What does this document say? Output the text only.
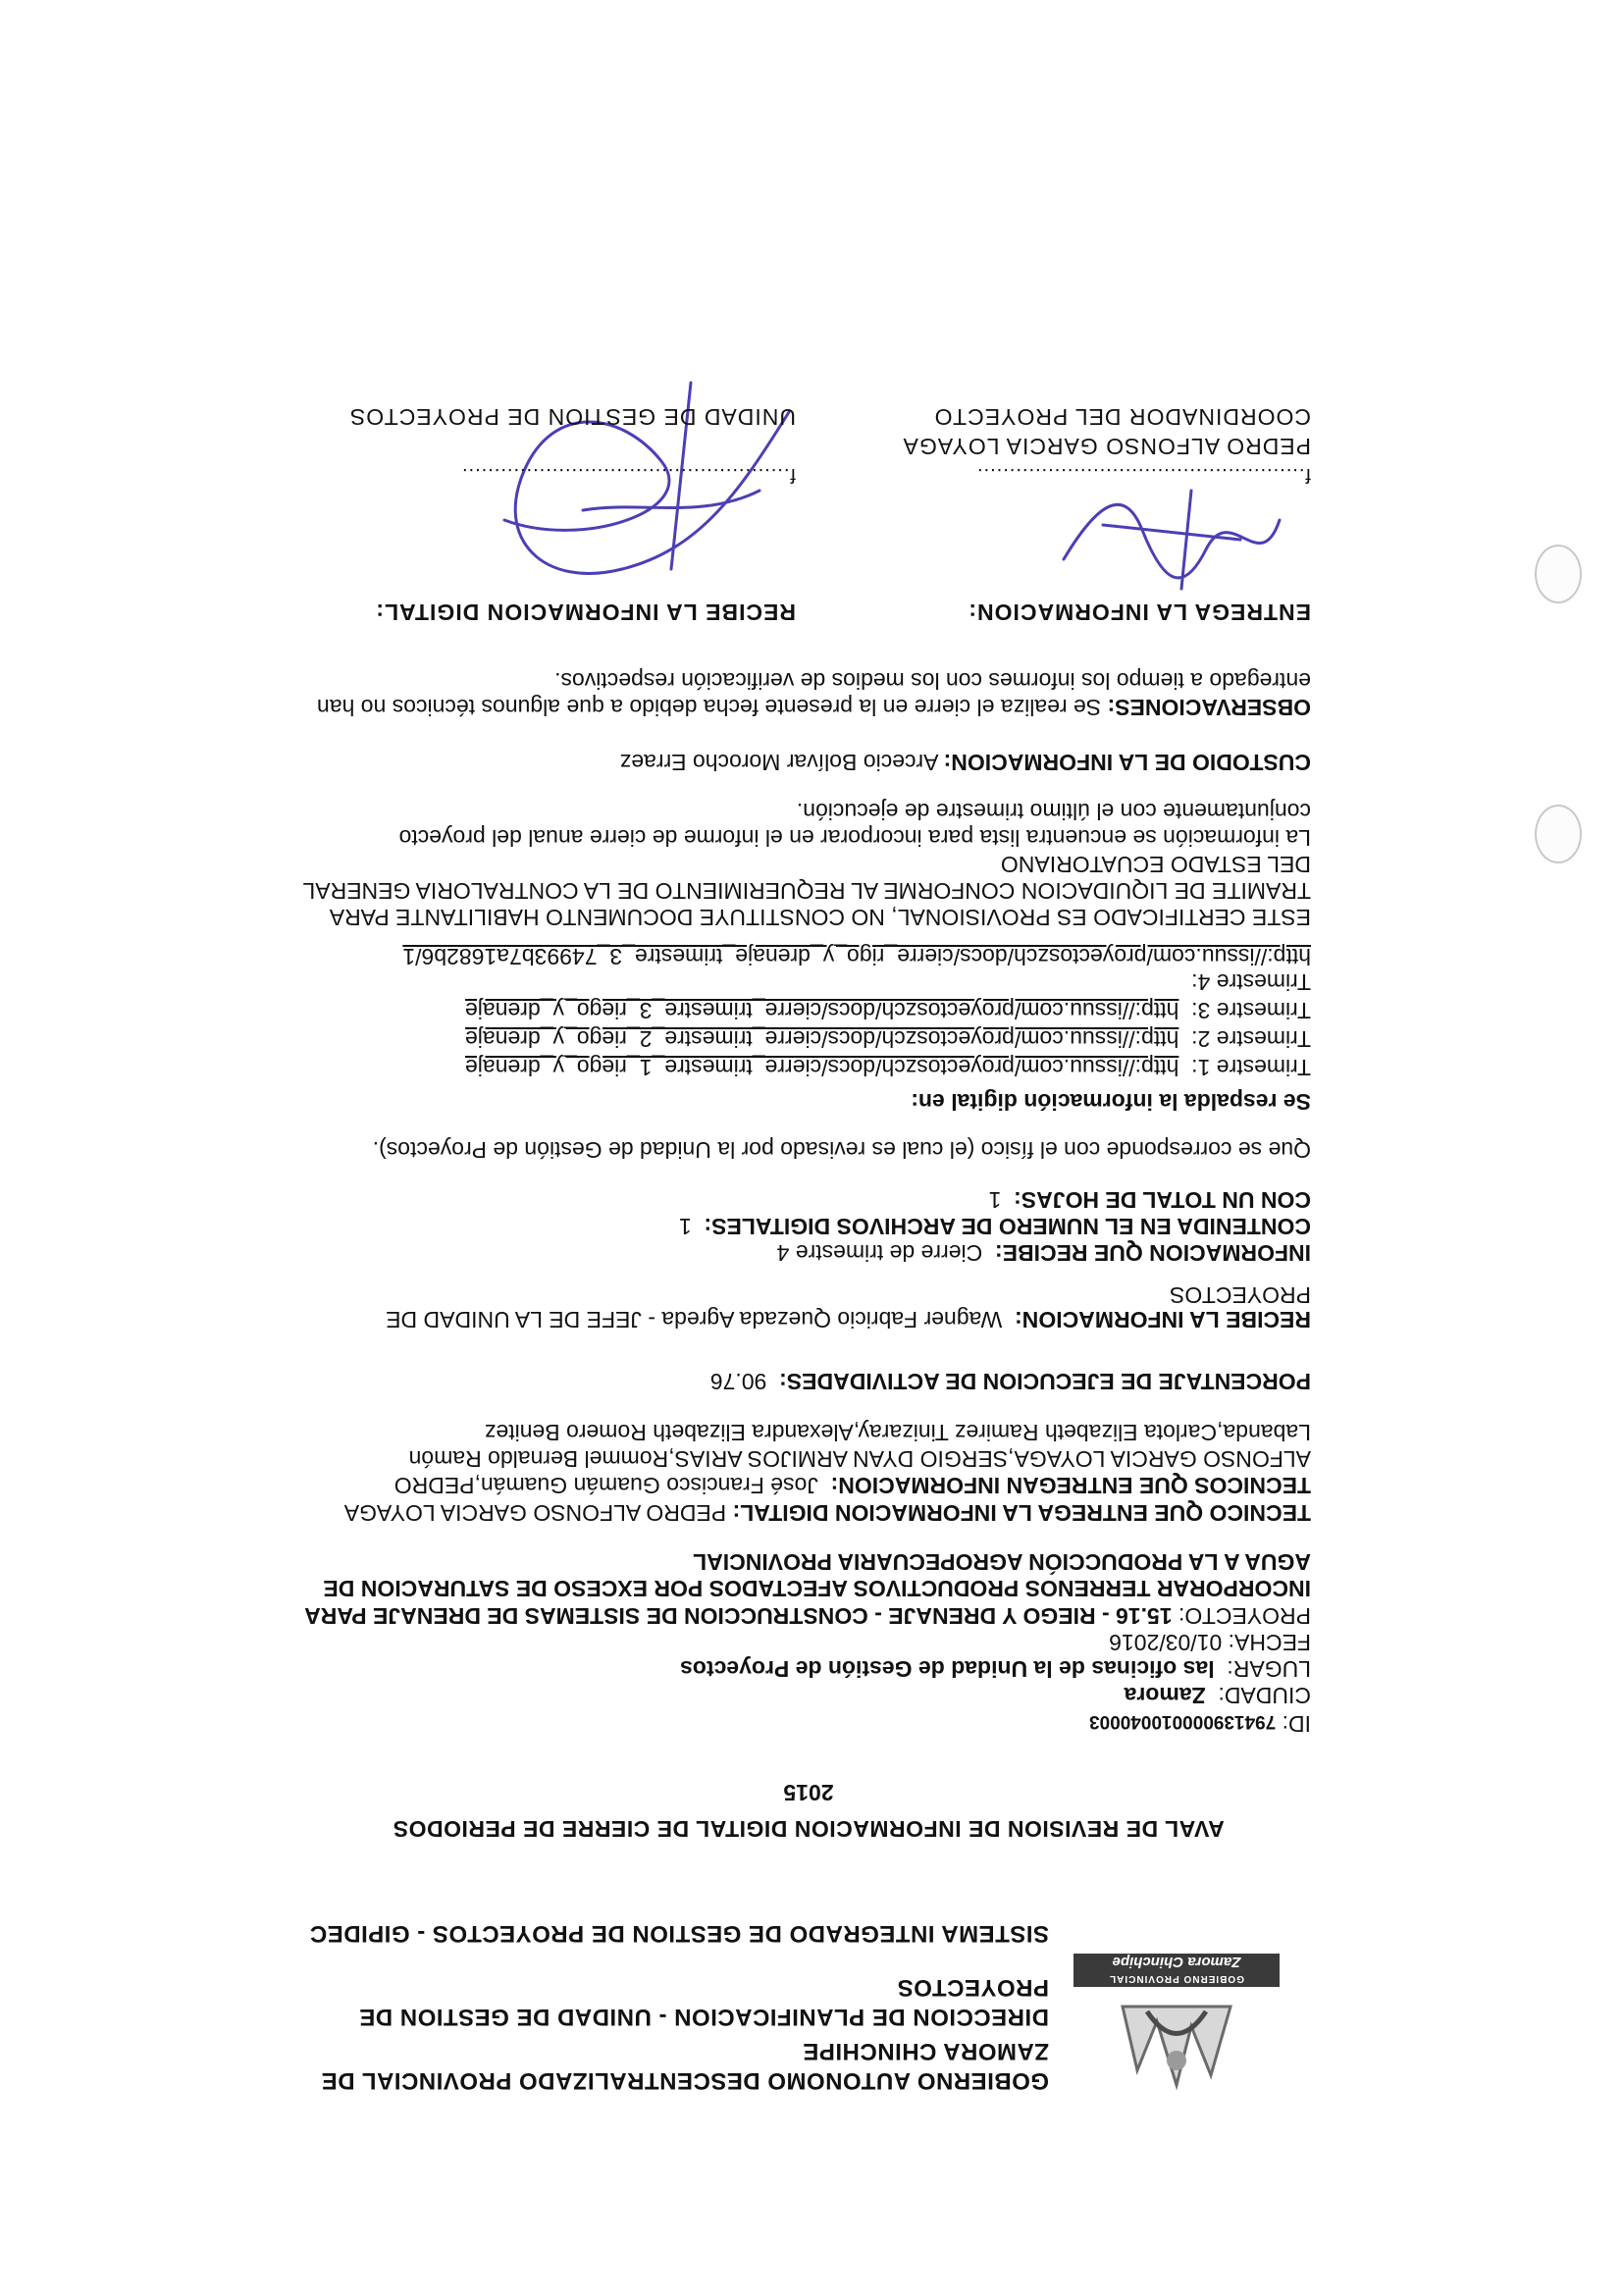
GOBIERNO PROVINCIAL
Zamora Chinchipe
GOBIERNO AUTONOMO DESCENTRALIZADO PROVINCIAL DE
ZAMORA CHINCHIPE
DIRECCION DE PLANIFICACION - UNIDAD DE GESTION DE
PROYECTOS
SISTEMA INTEGRADO DE GESTION DE PROYECTOS - GIPIDEC
AVAL DE REVISION DE INFORMACION DIGITAL DE CIERRE DE PERIODOS
2015
ID: 794139000010040003
CIUDAD:  Zamora
LUGAR:  las oficinas de la Unidad de Gestión de Proyectos
FECHA: 01/03/2016
PROYECTO: 15.16 - RIEGO Y DRENAJE - CONSTRUCCION DE SISTEMAS DE DRENAJE PARA
INCORPORAR TERRENOS PRODUCTIVOS AFECTADOS POR EXCESO DE SATURACION DE
AGUA A LA PRODUCCIÓN AGROPECUARIA PROVINCIAL
TECNICO QUE ENTREGA LA INFORMACION DIGITAL: PEDRO ALFONSO GARCIA LOYAGA
TECNICOS QUE ENTREGAN INFORMACION:  José Francisco Guamán Guamán,PEDRO
ALFONSO GARCIA LOYAGA,SERGIO DYAN ARMIJOS ARIAS,Rommel Bernaldo Ramón
Labanda,Carlota Elizabeth Ramirez Tinizaray,Alexandra Elizabeth Romero Benitez
PORCENTAJE DE EJECUCION DE ACTIVIDADES:  90.76
RECIBE LA INFORMACION:  Wagner Fabricio Quezada Agreda - JEFE DE LA UNIDAD DE
PROYECTOS
INFORMACION QUE RECIBE:  Cierre de trimestre 4
CONTENIDA EN EL NUMERO DE ARCHIVOS DIGITALES:  1
CON UN TOTAL DE HOJAS:  1
Que se corresponde con el físico (el cual es revisado por la Unidad de Gestión de Proyectos).
Se respalda la información digital en:
Trimestre 1:  http://issuu.com/proyectoszch/docs/cierre_trimestre_1_riego_y_drenaje
Trimestre 2:  http://issuu.com/proyectoszch/docs/cierre_trimestre_2_riego_y_drenaje
Trimestre 3:  http://issuu.com/proyectoszch/docs/cierre_trimestre_3_riego_y_drenaje
Trimestre 4:
http://issuu.com/proyectoszch/docs/cierre_rigo_y_drenaje_trimestre_3_74993b7a1682b6/1
ESTE CERTIFICADO ES PROVISIONAL, NO CONSTITUYE DOCUMENTO HABILITANTE PARA
TRAMITE DE LIQUIDACION CONFORME AL REQUERIMIENTO DE LA CONTRALORIA GENERAL
DEL ESTADO ECUATORIANO
La información se encuentra lista para incorporar en el informe de cierre anual del proyecto
conjuntamente con el último trimestre de ejecución.
CUSTODIO DE LA INFORMACION: Arcecio Bolívar Morocho Erraez
OBSERVACIONES: Se realiza el cierre en la presente fecha debido a que algunos técnicos no han
entregado a tiempo los informes con los medios de verificación respectivos.
ENTREGA LA INFORMACION:
RECIBE LA INFORMACION DIGITAL:
f...................................................
f...................................................
PEDRO ALFONSO GARCIA LOYAGA
COORDINADOR DEL PROYECTO
UNIDAD DE GESTION DE PROYECTOS
